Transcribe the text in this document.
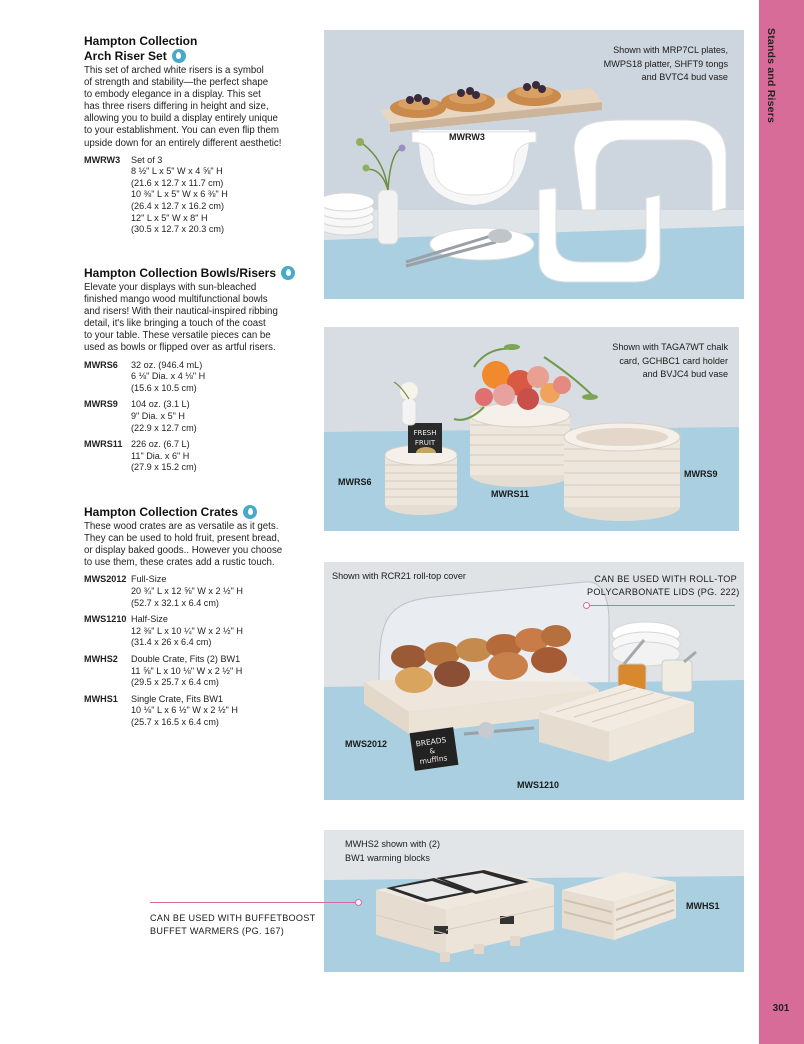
Stands and Risers
301
Hampton Collection
Arch Riser Set
This set of arched white risers is a symbol
of strength and stability—the perfect shape
to embody elegance in a display. This set
has three risers differing in height and size,
allowing you to build a display entirely unique
to your establishment. You can even flip them
upside down for an entirely different aesthetic!
MWRW3	Set of 3
8 ½" L x 5" W x 4 ⅝" H
(21.6 x 12.7 x 11.7 cm)
10 ⅜" L x 5" W x 6 ⅜" H
(26.4 x 12.7 x 16.2 cm)
12" L x 5" W x 8" H
(30.5 x 12.7 x 20.3 cm)
Hampton Collection Bowls/Risers
Elevate your displays with sun-bleached
finished mango wood multifunctional bowls
and risers! With their nautical-inspired ribbing
detail, it's like bringing a touch of the coast
to your table. These versatile pieces can be
used as bowls or flipped over as artful risers.
MWRS6	32 oz. (946.4 mL)
6 ⅛" Dia. x 4 ⅛" H
(15.6 x 10.5 cm)
MWRS9	104 oz. (3.1 L)
9" Dia. x 5" H
(22.9 x 12.7 cm)
MWRS11 226 oz. (6.7 L)
11" Dia. x 6" H
(27.9 x 15.2 cm)
Hampton Collection Crates
These wood crates are as versatile as it gets.
They can be used to hold fruit, present bread,
or display baked goods.. However you choose
to use them, these crates add a rustic touch.
MWS2012 Full-Size
20 ¾" L x 12 ⅝" W x 2 ½" H
(52.7 x 32.1 x 6.4 cm)
MWS1210 Half-Size
12 ⅜" L x 10 ¼" W x 2 ½" H
(31.4 x 26 x 6.4 cm)
MWHS2	Double Crate, Fits (2) BW1
11 ⅝" L x 10 ⅛" W x 2 ½" H
(29.5 x 25.7 x 6.4 cm)
MWHS1	Single Crate, Fits BW1
10 ⅛" L x 6 ½" W x 2 ½" H
(25.7 x 16.5 x 6.4 cm)
Shown with MRP7CL plates,
MWPS18 platter, SHFT9 tongs
and BVTC4 bud vase
MWRW3
FRESH
FRUIT
Shown with TAGA7WT chalk
card, GCHBC1 card holder
and BVJC4 bud vase
MWRS6
MWRS11
MWRS9
BREADS
&
muffins
Shown with RCR21 roll-top cover	CAN BE USED WITH ROLL-TOP
POLYCARBONATE LIDS (PG. 222)
MWS2012
MWS1210
MWHS2 shown with (2)
BW1 warming blocks
MWHS1
CAN BE USED WITH BUFFETBOOST
BUFFET WARMERS (PG. 167)
